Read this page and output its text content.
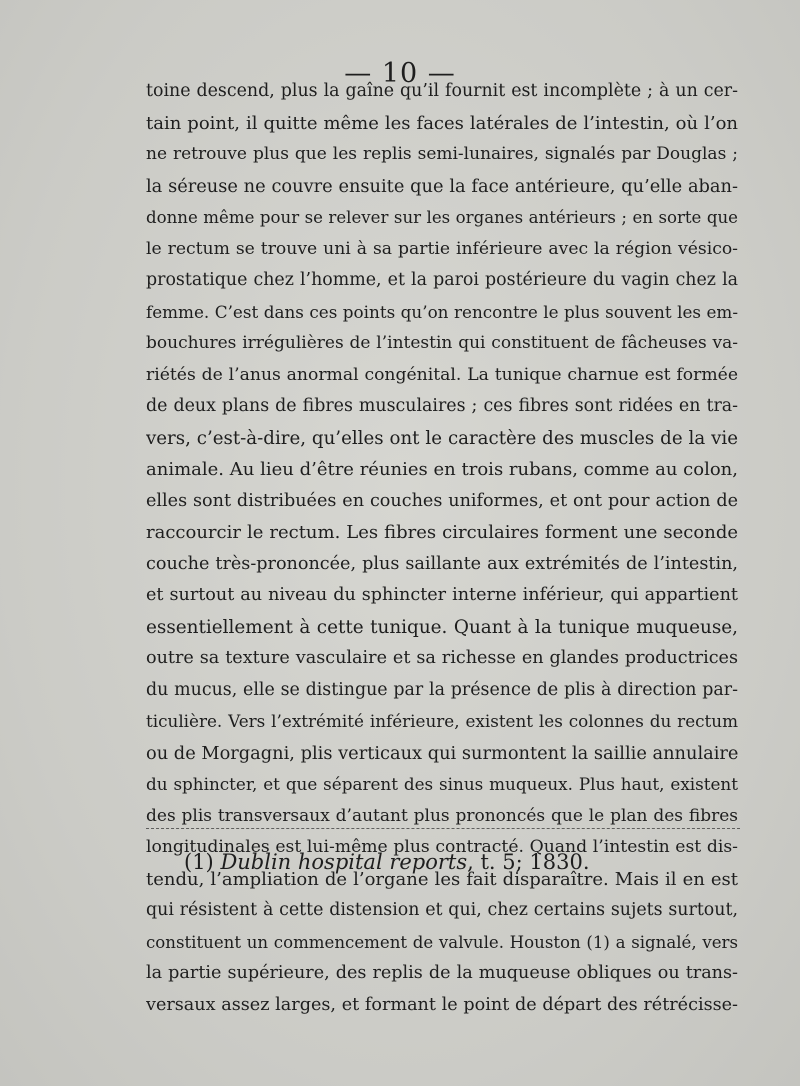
— 10 —
toine descend, plus la gaîne qu’il fournit est incomplète ; à un cer-
tain point, il quitte même les faces latérales de l’intestin, où l’on
ne retrouve plus que les replis semi-lunaires, signalés par Douglas ;
la séreuse ne couvre ensuite que la face antérieure, qu’elle aban-
donne même pour se relever sur les organes antérieurs ; en sorte que
le rectum se trouve uni à sa partie inférieure avec la région vésico-
prostatique chez l’homme, et la paroi postérieure du vagin chez la
femme. C’est dans ces points qu’on rencontre le plus souvent les em-
bouchures irrégulières de l’intestin qui constituent de fâcheuses va-
riétés de l’anus anormal congénital. La tunique charnue est formée
de deux plans de fibres musculaires ; ces fibres sont ridées en tra-
vers, c’est-à-dire, qu’elles ont le caractère des muscles de la vie
animale. Au lieu d’être réunies en trois rubans, comme au colon,
elles sont distribuées en couches uniformes, et ont pour action de
raccourcir le rectum. Les fibres circulaires forment une seconde
couche très-prononcée, plus saillante aux extrémités de l’intestin,
et surtout au niveau du sphincter interne inférieur, qui appartient
essentiellement à cette tunique. Quant à la tunique muqueuse,
outre sa texture vasculaire et sa richesse en glandes productrices
du mucus, elle se distingue par la présence de plis à direction par-
ticulière. Vers l’extrémité inférieure, existent les colonnes du rectum
ou de Morgagni, plis verticaux qui surmontent la saillie annulaire
du sphincter, et que séparent des sinus muqueux. Plus haut, existent
des plis transversaux d’autant plus prononcés que le plan des fibres
longitudinales est lui-même plus contracté. Quand l’intestin est dis-
tendu, l’ampliation de l’organe les fait disparaître. Mais il en est
qui résistent à cette distension et qui, chez certains sujets surtout,
constituent un commencement de valvule. Houston (1) a signalé, vers
la partie supérieure, des replis de la muqueuse obliques ou trans-
versaux assez larges, et formant le point de départ des rétrécisse-
(1) Dublin hospital reports, t. 5; 1830.
